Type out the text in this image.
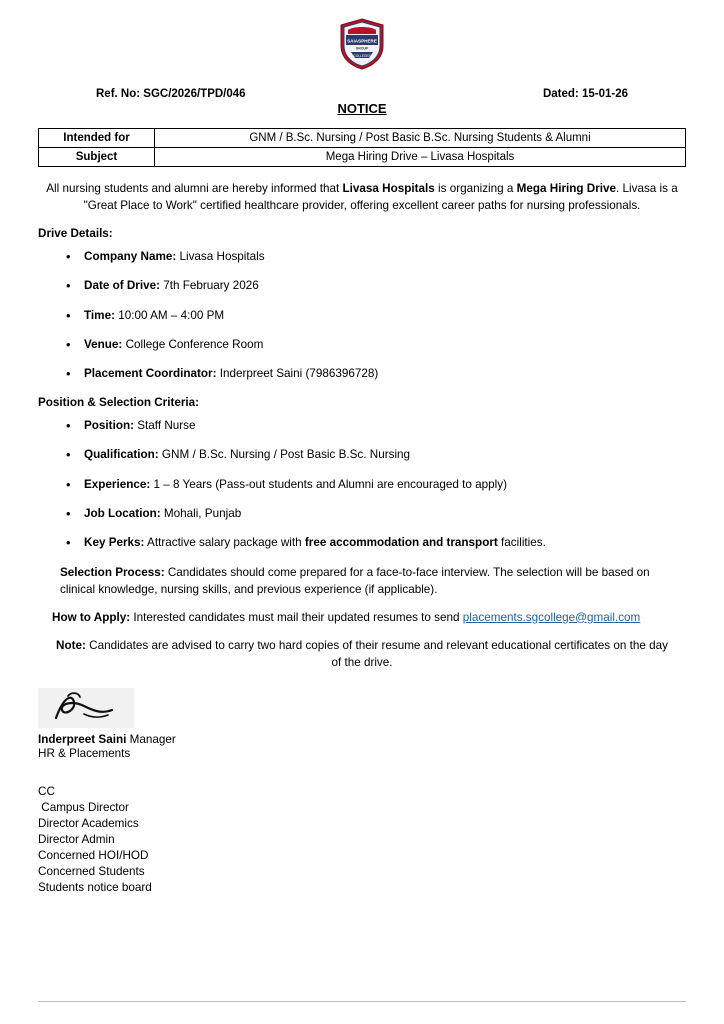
SAIASPHERE
GROUP
COLLEGES
Ref. No: SGC/2026/TPD/046	Dated: 15-01-26
NOTICE
Intended for	GNM / B.Sc. Nursing / Post Basic B.Sc. Nursing Students & Alumni
Subject	Mega Hiring Drive – Livasa Hospitals

All nursing students and alumni are hereby informed that Livasa Hospitals is organizing a Mega Hiring Drive. Livasa is a "Great Place to Work" certified healthcare provider, offering excellent career paths for nursing professionals.

Drive Details:
• Company Name: Livasa Hospitals
• Date of Drive: 7th February 2026
• Time: 10:00 AM – 4:00 PM
• Venue: College Conference Room
• Placement Coordinator: Inderpreet Saini (7986396728)
Position & Selection Criteria:
• Position: Staff Nurse
• Qualification: GNM / B.Sc. Nursing / Post Basic B.Sc. Nursing
• Experience: 1 – 8 Years (Pass-out students and Alumni are encouraged to apply)
• Job Location: Mohali, Punjab
• Key Perks: Attractive salary package with free accommodation and transport facilities.

Selection Process: Candidates should come prepared for a face-to-face interview. The selection will be based on clinical knowledge, nursing skills, and previous experience (if applicable).

How to Apply: Interested candidates must mail their updated resumes to send placements.sgcollege@gmail.com

Note: Candidates are advised to carry two hard copies of their resume and relevant educational certificates on the day of the drive.

Inderpreet Saini Manager
HR & Placements
CC
Campus Director
Director Academics
Director Admin
Concerned HOI/HOD
Concerned Students
Students notice board
